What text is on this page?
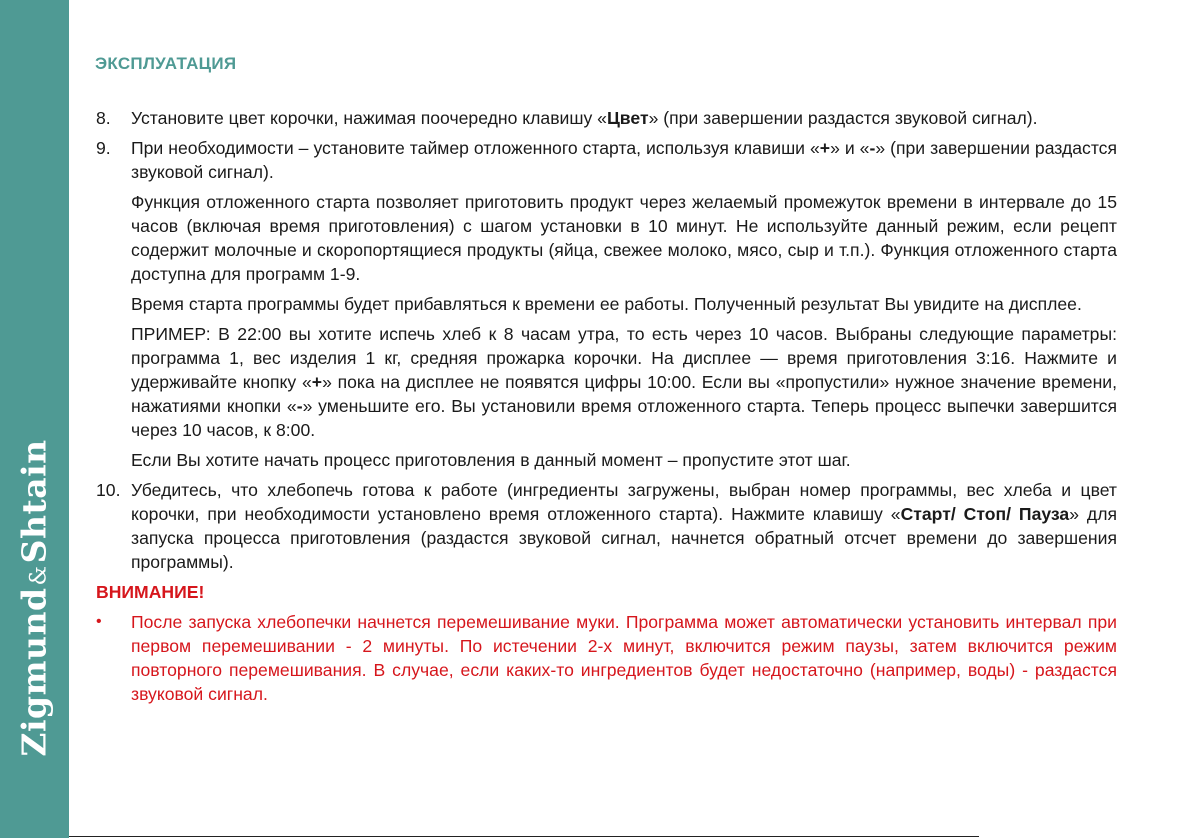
Zigmund&Shtain
ЭКСПЛУАТАЦИЯ
8.	Установите цвет корочки, нажимая поочередно клавишу «Цвет» (при завершении раздастся звуковой сигнал).
9.	При необходимости – установите таймер отложенного старта, используя клавиши «+» и «-» (при завершении раздастся звуковой сигнал).

Функция отложенного старта позволяет приготовить продукт через желаемый промежуток времени в интервале до 15 часов (включая время приготовления) с шагом установки в 10 минут. Не используйте данный режим, если рецепт содержит молочные и скоропортящиеся продукты (яйца, свежее молоко, мясо, сыр и т.п.). Функция отложенного старта доступна для программ 1-9.

Время старта программы будет прибавляться к времени ее работы. Полученный результат Вы увидите на дисплее.

ПРИМЕР: В 22:00 вы хотите испечь хлеб к 8 часам утра, то есть через 10 часов. Выбраны следующие параметры: программа 1, вес изделия 1 кг, средняя прожарка корочки. На дисплее — время приготовления 3:16. Нажмите и удерживайте кнопку «+» пока на дисплее не появятся цифры 10:00. Если вы «пропустили» нужное значение времени, нажатиями кнопки «-» уменьшите его. Вы установили время отложенного старта. Теперь процесс выпечки завершится через 10 часов, к 8:00.

Если Вы хотите начать процесс приготовления в данный момент – пропустите этот шаг.

10. Убедитесь, что хлебопечь готова к работе (ингредиенты загружены, выбран номер программы, вес хлеба и цвет корочки, при необходимости установлено время отложенного старта). Нажмите клавишу «Старт/ Стоп/ Пауза» для запуска процесса приготовления (раздастся звуковой сигнал, начнется обратный отсчет времени до завершения программы).
ВНИМАНИЕ!
•	После запуска хлебопечки начнется перемешивание муки. Программа может автоматически установить интервал при первом перемешивании - 2 минуты. По истечении 2-х минут, включится режим паузы, затем включится режим повторного перемешивания. В случае, если каких-то ингредиентов будет недостаточно (например, воды) - раздастся звуковой сигнал.
